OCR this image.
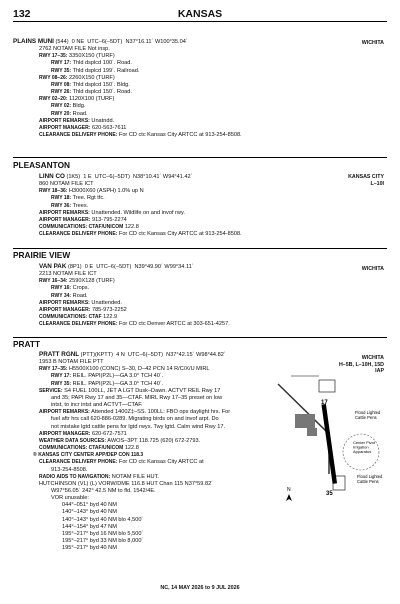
132	KANSAS
WICHITA
PLAINS MUNI (544) 0 NE UTC–6(–5DT) N37°16.11´ W100°35.04´
2762 NOTAM FILE Not insp.
RWY 17–35: 3350X150 (TURF)
RWY 17: Thld dsplcd 100´. Road.
RWY 35: Thld dsplcd 199´. Railroad.
RWY 08–26: 2260X150 (TURF)
RWY 08: Thld dsplcd 150´. Bldg.
RWY 26: Thld dsplcd 150´. Road.
RWY 02–20: 1120X100 (TURF)
RWY 02: Bldg.
RWY 20: Road.
AIRPORT REMARKS: Unatndd.
AIRPORT MANAGER: 620-563-7611
CLEARANCE DELIVERY PHONE: For CD ctc Kansas City ARTCC at 913-254-8508.
PLEASANTON
KANSAS CITY
L–10I
LINN CO (1K5) 1 E UTC–6(–5DT) N38°10.41´ W94°41.42´
860 NOTAM FILE ICT
RWY 18–36: H3000X60 (ASPH) 1.0% up N
RWY 18: Tree. Rgt tfc.
RWY 36: Trees.
AIRPORT REMARKS: Unattended. Wildlife on and invof rwy.
AIRPORT MANAGER: 913-795-2274
COMMUNICATIONS: CTAF/UNICOM 122.8
CLEARANCE DELIVERY PHONE: For CD ctc Kansas City ARTCC at 913-254-8508.
PRAIRIE VIEW
WICHITA
VAN PAK (8P1) 0 E UTC–6(–5DT) N39°49.90´ W99°34.11´
2213 NOTAM FILE ICT
RWY 16–34: 2590X128 (TURF)
RWY 16: Crops.
RWY 34: Road.
AIRPORT REMARKS: Unattended.
AIRPORT MANAGER: 785-973-2252
COMMUNICATIONS: CTAF 122.9
CLEARANCE DELIVERY PHONE: For CD ctc Denver ARTCC at 303-651-4257.
PRATT
WICHITA
H–5B, L–10H, 15D
IAP
PRATT RGNL (PTT)(KPTT) 4 N UTC–6(–5DT) N37°42.15´ W98°44.82´
1953 B NOTAM FILE PTT
RWY 17–35: H5500X100 (CONC) S–30, D–42 PCN 14 R/C/X/U MIRL
RWY 17: REIL. PAPI(P2L)—GA 3.0° TCH 40´.
RWY 35: REIL. PAPI(P2L)—GA 3.0° TCH 40´.
SERVICE: S4 FUEL 100LL, JET A LGT Dusk–Dawn. ACTVT REIL Rwy 17
and 35; PAPI Rwy 17 and 35—CTAF. MIRL Rwy 17–35 preset on low
intst, to incr intst and ACTVT—CTAF.
AIRPORT REMARKS: Attended 1400Z‡–SS. 100LL: FBO ops daylight hrs. For
fuel aftr hrs call 620-886-0289. Migrating birds on and invof arpt. Do
not mistake lgtd cattle pens for lgtd rwys. Twy lgtd. Calm wind Rwy 17.
AIRPORT MANAGER: 620-672-7571
WEATHER DATA SOURCES: AWOS–3PT 118.725 (620) 672-2793.
COMMUNICATIONS: CTAF/UNICOM 122.8
® KANSAS CITY CENTER APP/DEP CON 118.3
CLEARANCE DELIVERY PHONE: For CD ctc Kansas City ARTCC at
913-254-8508.
RADIO AIDS TO NAVIGATION: NOTAM FILE HUT.
HUTCHINSON (VL) (L) VORW/DME 116.8 HUT Chan 115 N37°59.82´
W97°56.05´ 242° 42.5 NM to fld. 1542/4E.
VOR unusable:
044°–051° byd 40 NM
140°–143° byd 40 NM
140°–143° byd 40 NM blo 4,500´
144°–154° byd 47 NM
195°–217° byd 16 NM blo 5,500´
195°–217° byd 33 NM blo 8,000´
195°–217° byd 40 NM
Flood Lighted Cattle Pens
Center Pivot Irrigation Apparatus
Flood Lighted Cattle Pens
17
35
N
NC, 14 MAY 2026 to 9 JUL 2026
